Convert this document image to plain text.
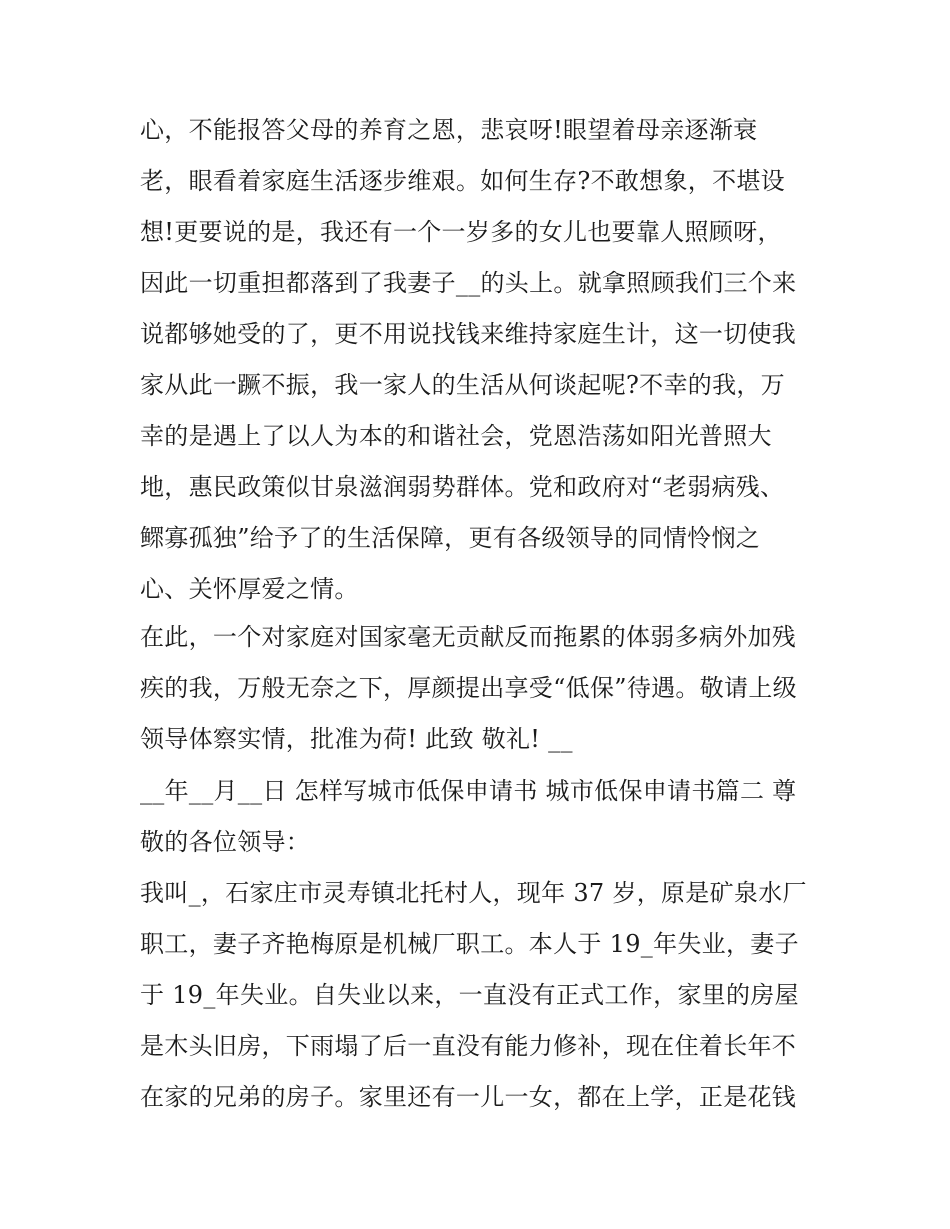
心，不能报答父母的养育之恩，悲哀呀!眼望着母亲逐渐衰
老，眼看着家庭生活逐步维艰。如何生存?不敢想象，不堪设
想!更要说的是，我还有一个一岁多的女儿也要靠人照顾呀，
因此一切重担都落到了我妻子__的头上。就拿照顾我们三个来
说都够她受的了，更不用说找钱来维持家庭生计，这一切使我
家从此一蹶不振，我一家人的生活从何谈起呢?不幸的我，万
幸的是遇上了以人为本的和谐社会，党恩浩荡如阳光普照大
地，惠民政策似甘泉滋润弱势群体。党和政府对“老弱病残、
鳏寡孤独”给予了的生活保障，更有各级领导的同情怜悯之
心、关怀厚爱之情。
在此，一个对家庭对国家毫无贡献反而拖累的体弱多病外加残
疾的我，万般无奈之下，厚颜提出享受“低保”待遇。敬请上级
领导体察实情，批准为荷! 此致 敬礼! __
__年__月__日 怎样写城市低保申请书 城市低保申请书篇二 尊
敬的各位领导：
我叫_，石家庄市灵寿镇北托村人，现年 37 岁，原是矿泉水厂
职工，妻子齐艳梅原是机械厂职工。本人于 19_年失业，妻子
于 19_年失业。自失业以来，一直没有正式工作，家里的房屋
是木头旧房，下雨塌了后一直没有能力修补，现在住着长年不
在家的兄弟的房子。家里还有一儿一女，都在上学，正是花钱
